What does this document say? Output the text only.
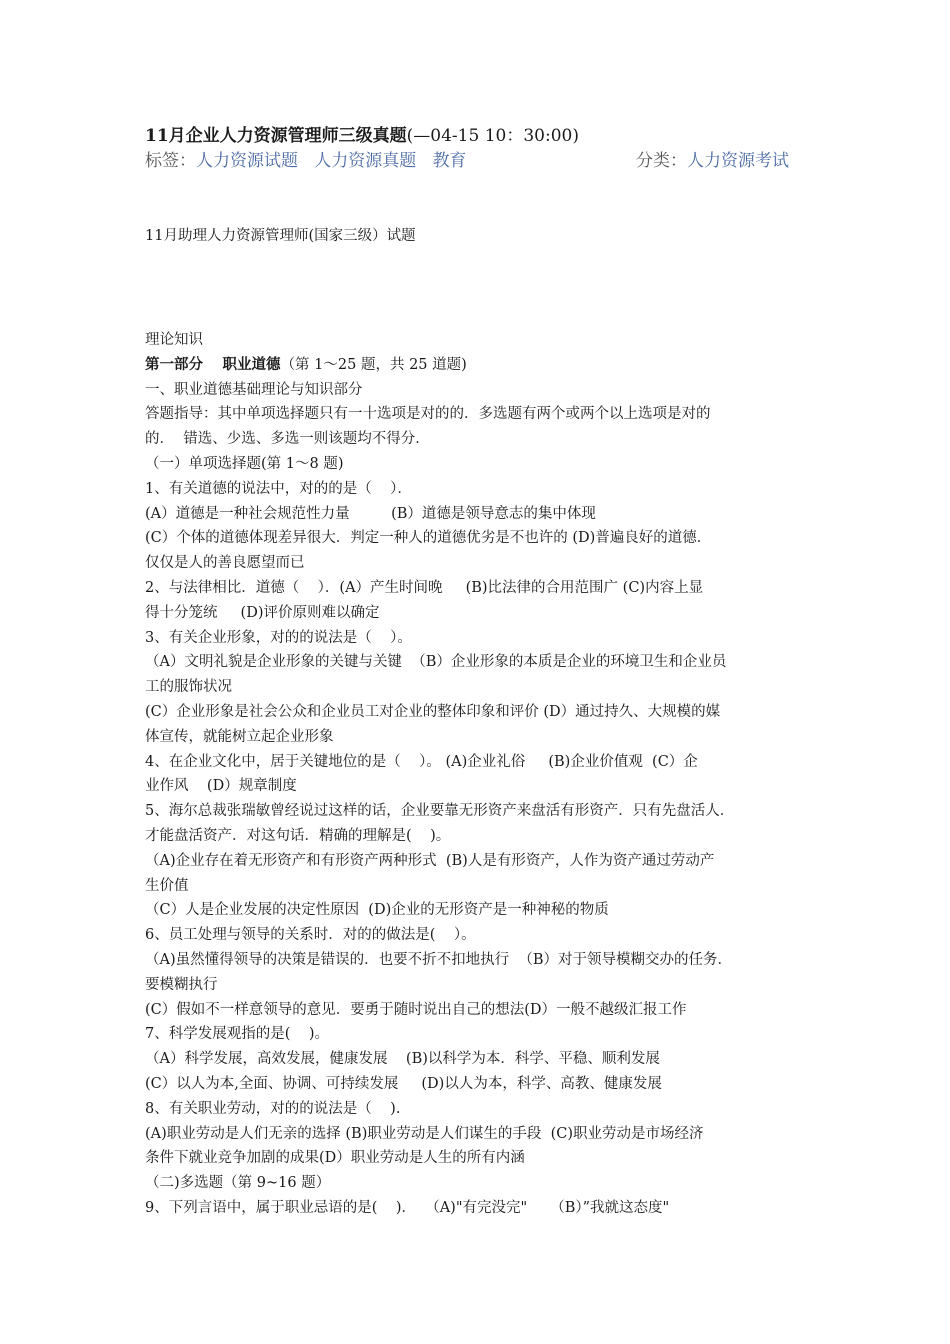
11月企业人力资源管理师三级真题(—04-15 10：30:00)
标签：人力资源试题 人力资源真题 教育	分类：人力资源考试
11月助理人力资源管理师(国家三级）试题
理论知识
第一部分　 职业道德（第 1～25 题，共 25 道题)
一、职业道德基础理论与知识部分
答题指导：其中单项选择题只有一十选项是对的的．多选题有两个或两个以上选项是对的
的．  错选、少选、多选一则该题均不得分．
（一）单项选择题(第 1～8 题)
1、有关道德的说法中，对的的是（    ）．
(A）道德是一种社会规范性力量         (B）道德是领导意志的集中体现
(C）个体的道德体现差异很大．判定一种人的道德优劣是不也许的 (D)普遍良好的道德．
仅仅是人的善良愿望而已
2、与法律相比．道德（    ）．(A）产生时间晚     (B)比法律的合用范围广 (C)内容上显
得十分笼统     (D)评价原则难以确定
3、有关企业形象，对的的说法是（    ）。
（A）文明礼貌是企业形象的关键与关键  （B）企业形象的本质是企业的环境卫生和企业员
工的服饰状况
(C）企业形象是社会公众和企业员工对企业的整体印象和评价 (D）通过持久、大规模的媒
体宣传，就能树立起企业形象
4、在企业文化中，居于关键地位的是（    ）。 (A)企业礼俗     (B)企业价值观  (C）企
业作风    (D）规章制度
5、海尔总裁张瑞敏曾经说过这样的话，企业要靠无形资产来盘活有形资产．只有先盘活人．
才能盘活资产．对这句话．精确的理解是(    )。
（A)企业存在着无形资产和有形资产两种形式  (B)人是有形资产，人作为资产通过劳动产
生价值
（C）人是企业发展的决定性原因  (D)企业的无形资产是一种神秘的物质
6、员工处理与领导的关系时．对的的做法是(    ）。
（A)虽然懂得领导的决策是错误的．也要不折不扣地执行  （B）对于领导模糊交办的任务．
要模糊执行
(C）假如不一样意领导的意见．要勇于随时说出自己的想法(D）一般不越级汇报工作
7、科学发展观指的是(    )。
（A）科学发展，高效发展，健康发展    (B)以科学为本．科学、平稳、顺利发展
(C）以人为本,全面、协调、可持续发展     (D)以人为本，科学、高教、健康发展
8、有关职业劳动，对的的说法是（    ).
(A)职业劳动是人们无亲的选择 (B)职业劳动是人们谋生的手段  (C)职业劳动是市场经济
条件下就业竞争加剧的成果(D）职业劳动是人生的所有内涵
（二)多选题（第 9~16 题）
9、下列言语中，属于职业忌语的是(    )．  （A)"有完没完"     （B）”我就这态度"
